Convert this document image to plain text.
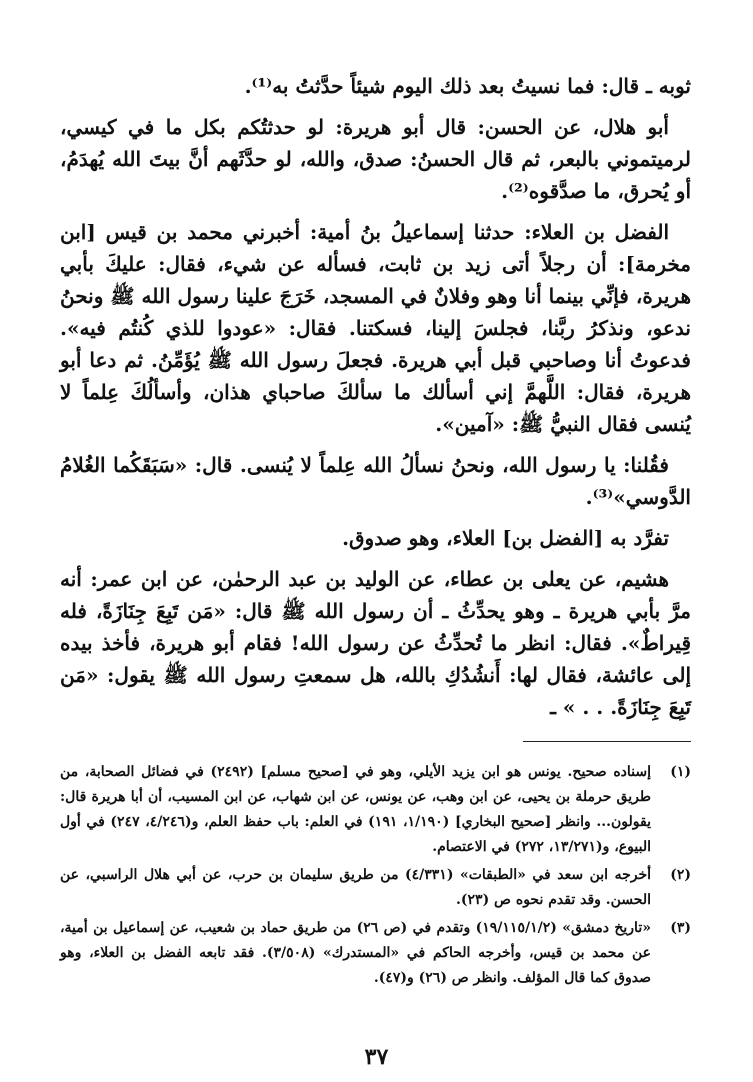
ثوبه ـ قال: فما نسيتُ بعد ذلك اليوم شيئاً حدَّثتُ به⁽¹⁾.

أبو هلال، عن الحسن: قال أبو هريرة: لو حدثتُكم بكل ما في كيسي، لرميتموني بالبعر، ثم قال الحسنُ: صدق، والله، لو حدَّثَهم أنَّ بيتَ الله يُهدَمُ، أو يُحرق، ما صدَّقوه⁽²⁾.

الفضل بن العلاء: حدثنا إسماعيلُ بنُ أمية: أخبرني محمد بن قيس [ابن مخرمة]: أن رجلاً أتى زيد بن ثابت، فسأله عن شيء، فقال: عليكَ بأبي هريرة، فإنِّي بينما أنا وهو وفلانٌ في المسجد، خَرَجَ علينا رسول الله ﷺ ونحنُ ندعو، ونذكرُ ربَّنا، فجلسَ إلينا، فسكتنا. فقال: «عودوا للذي كُنتُم فيه». فدعوتُ أنا وصاحبي قبل أبي هريرة. فجعلَ رسول الله ﷺ يُؤَمِّنُ. ثم دعا أبو هريرة، فقال: اللَّهمَّ إني أسألك ما سألكَ صاحباي هذان، وأسألُكَ عِلماً لا يُنسى فقال النبيُّ ﷺ: «آمين».

فقُلنا: يا رسول الله، ونحنُ نسألُ الله عِلماً لا يُنسى. قال: «سَبَقَكُما الغُلامُ الدَّوسي»⁽³⁾.

تفرَّد به [الفضل بن] العلاء، وهو صدوق.

هشيم، عن يعلى بن عطاء، عن الوليد بن عبد الرحمٰن، عن ابن عمر: أنه مرَّ بأبي هريرة ـ وهو يحدِّثُ ـ أن رسول الله ﷺ قال: «مَن تَبِعَ جِنَازَةً، فله قِيراطٌ». فقال: انظر ما تُحدِّثُ عن رسول الله! فقام أبو هريرة، فأخذ بيده إلى عائشة، فقال لها: أَنشُدُكِ بالله، هل سمعتِ رسول الله ﷺ يقول: «مَن تَبِعَ جِنَازَةً. . . » ـ

(١)
إسناده صحيح. يونس هو ابن يزيد الأيلي، وهو في [صحيح مسلم] (٢٤٩٢) في فضائل الصحابة، من طريق حرملة بن يحيى، عن ابن وهب، عن يونس، عن ابن شهاب، عن ابن المسيب، أن أبا هريرة قال: يقولون... وانظر [صحيح البخاري] (١/١٩٠، ١٩١) في العلم: باب حفظ العلم، و(٤/٢٤٦، ٢٤٧) في أول البيوع، و(١٣/٢٧١، ٢٧٢) في الاعتصام.
(٢)
أخرجه ابن سعد في «الطبقات» (٤/٣٣١) من طريق سليمان بن حرب، عن أبي هلال الراسبي، عن الحسن. وقد تقدم نحوه ص (٢٣).
(٣)
«تاريخ دمشق» (١٩/١١٥/١/٢) وتقدم في (ص ٢٦) من طريق حماد بن شعيب، عن إسماعيل بن أمية، عن محمد بن قيس، وأخرجه الحاكم في «المستدرك» (٣/٥٠٨). فقد تابعه الفضل بن العلاء، وهو صدوق كما قال المؤلف. وانظر ص (٢٦) و(٤٧).
٣٧
